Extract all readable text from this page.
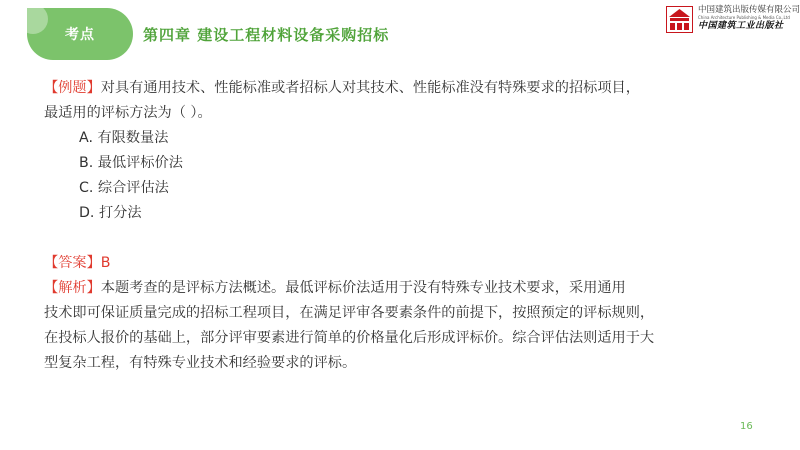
考点	第四章 建设工程材料设备采购招标
中国建筑出版传媒有限公司
China Architecture Publishing & Media Co.,Ltd
中国建筑工业出版社
【例题】对具有通用技术、性能标准或者招标人对其技术、性能标准没有特殊要求的招标项目，
最适用的评标方法为（ ）。
A. 有限数量法
B. 最低评标价法
C. 综合评估法
D. 打分法
【答案】B
【解析】本题考查的是评标方法概述。最低评标价法适用于没有特殊专业技术要求，采用通用
技术即可保证质量完成的招标工程项目，在满足评审各要素条件的前提下，按照预定的评标规则，
在投标人报价的基础上，部分评审要素进行简单的价格量化后形成评标价。综合评估法则适用于大
型复杂工程，有特殊专业技术和经验要求的评标。
16
